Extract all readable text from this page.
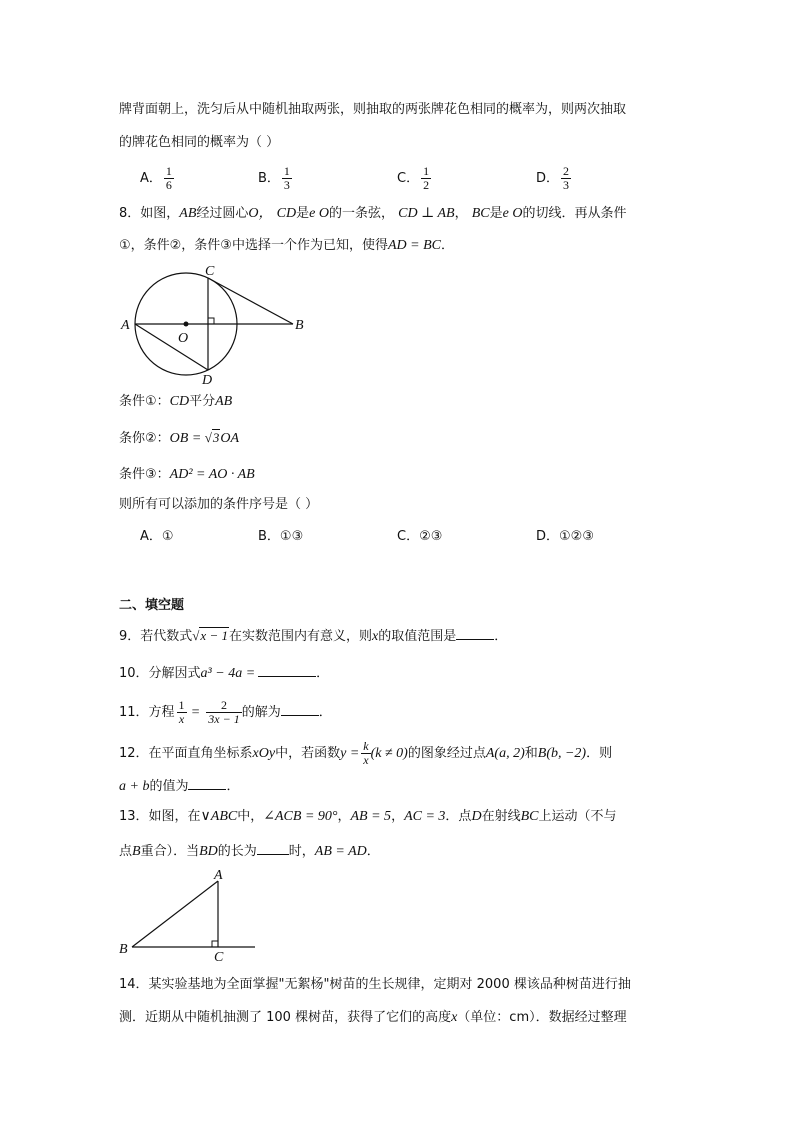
牌背面朝上，洗匀后从中随机抽取两张，则抽取的两张牌花色相同的概率为，则两次抽取
的牌花色相同的概率为（ ）
A． $\frac{1}{6}$	B． $\frac{1}{3}$	C． $\frac{1}{2}$	D． $\frac{2}{3}$
8．如图，AB经过圆心O， CD是e O的一条弦， CD ⊥ AB， BC是e O的切线．再从条件
①，条件②，条件③中选择一个作为已知，使得AD = BC．
A	B
C
D
O
条件①：CD平分AB
条你②：OB = √3OA
条件③：AD² = AO · AB
则所有可以添加的条件序号是（ ）
A．①	B．①③	C．②③	D．①②③
二、填空题
9．若代数式√x − 1在实数范围内有意义，则x的取值范围是	．
10．分解因式a³ − 4a =	．
11．方程 $\frac{1}{x} = \frac{2}{3x - 1}$ 的解为	．
12．在平面直角坐标系xOy中，若函数$y = \frac{k}{x} (k \ne 0)$的图象经过点A(a, 2)和B(b, −2)．则
a + b的值为	．
13．如图，在∨ABC中，∠ACB = 90°，AB = 5，AC = 3．点D在射线BC上运动（不与
点B重合）．当BD的长为 时，AB = AD．
A
B
C
14．某实验基地为全面掌握"无絮杨"树苗的生长规律，定期对 2000 棵该品种树苗进行抽
测．近期从中随机抽测了 100 棵树苗，获得了它们的高度x（单位：cm）．数据经过整理
